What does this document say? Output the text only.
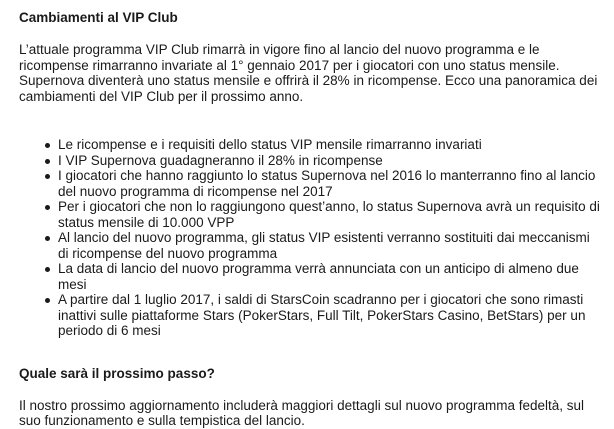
Cambiamenti al VIP Club

L’attuale programma VIP Club rimarrà in vigore fino al lancio del nuovo programma e le ricompense rimarranno invariate al 1° gennaio 2017 per i giocatori con uno status mensile. Supernova diventerà uno status mensile e offrirà il 28% in ricompense. Ecco una panoramica dei cambiamenti del VIP Club per il prossimo anno.

Le ricompense e i requisiti dello status VIP mensile rimarranno invariati
I VIP Supernova guadagneranno il 28% in ricompense
I giocatori che hanno raggiunto lo status Supernova nel 2016 lo manterranno fino al lancio del nuovo programma di ricompense nel 2017
Per i giocatori che non lo raggiungono quest’anno, lo status Supernova avrà un requisito di status mensile di 10.000 VPP
Al lancio del nuovo programma, gli status VIP esistenti verranno sostituiti dai meccanismi di ricompense del nuovo programma
La data di lancio del nuovo programma verrà annunciata con un anticipo di almeno due mesi
A partire dal 1 luglio 2017, i saldi di StarsCoin scadranno per i giocatori che sono rimasti inattivi sulle piattaforme Stars (PokerStars, Full Tilt, PokerStars Casino, BetStars) per un periodo di 6 mesi
Quale sarà il prossimo passo?

Il nostro prossimo aggiornamento includerà maggiori dettagli sul nuovo programma fedeltà, sul suo funzionamento e sulla tempistica del lancio.
